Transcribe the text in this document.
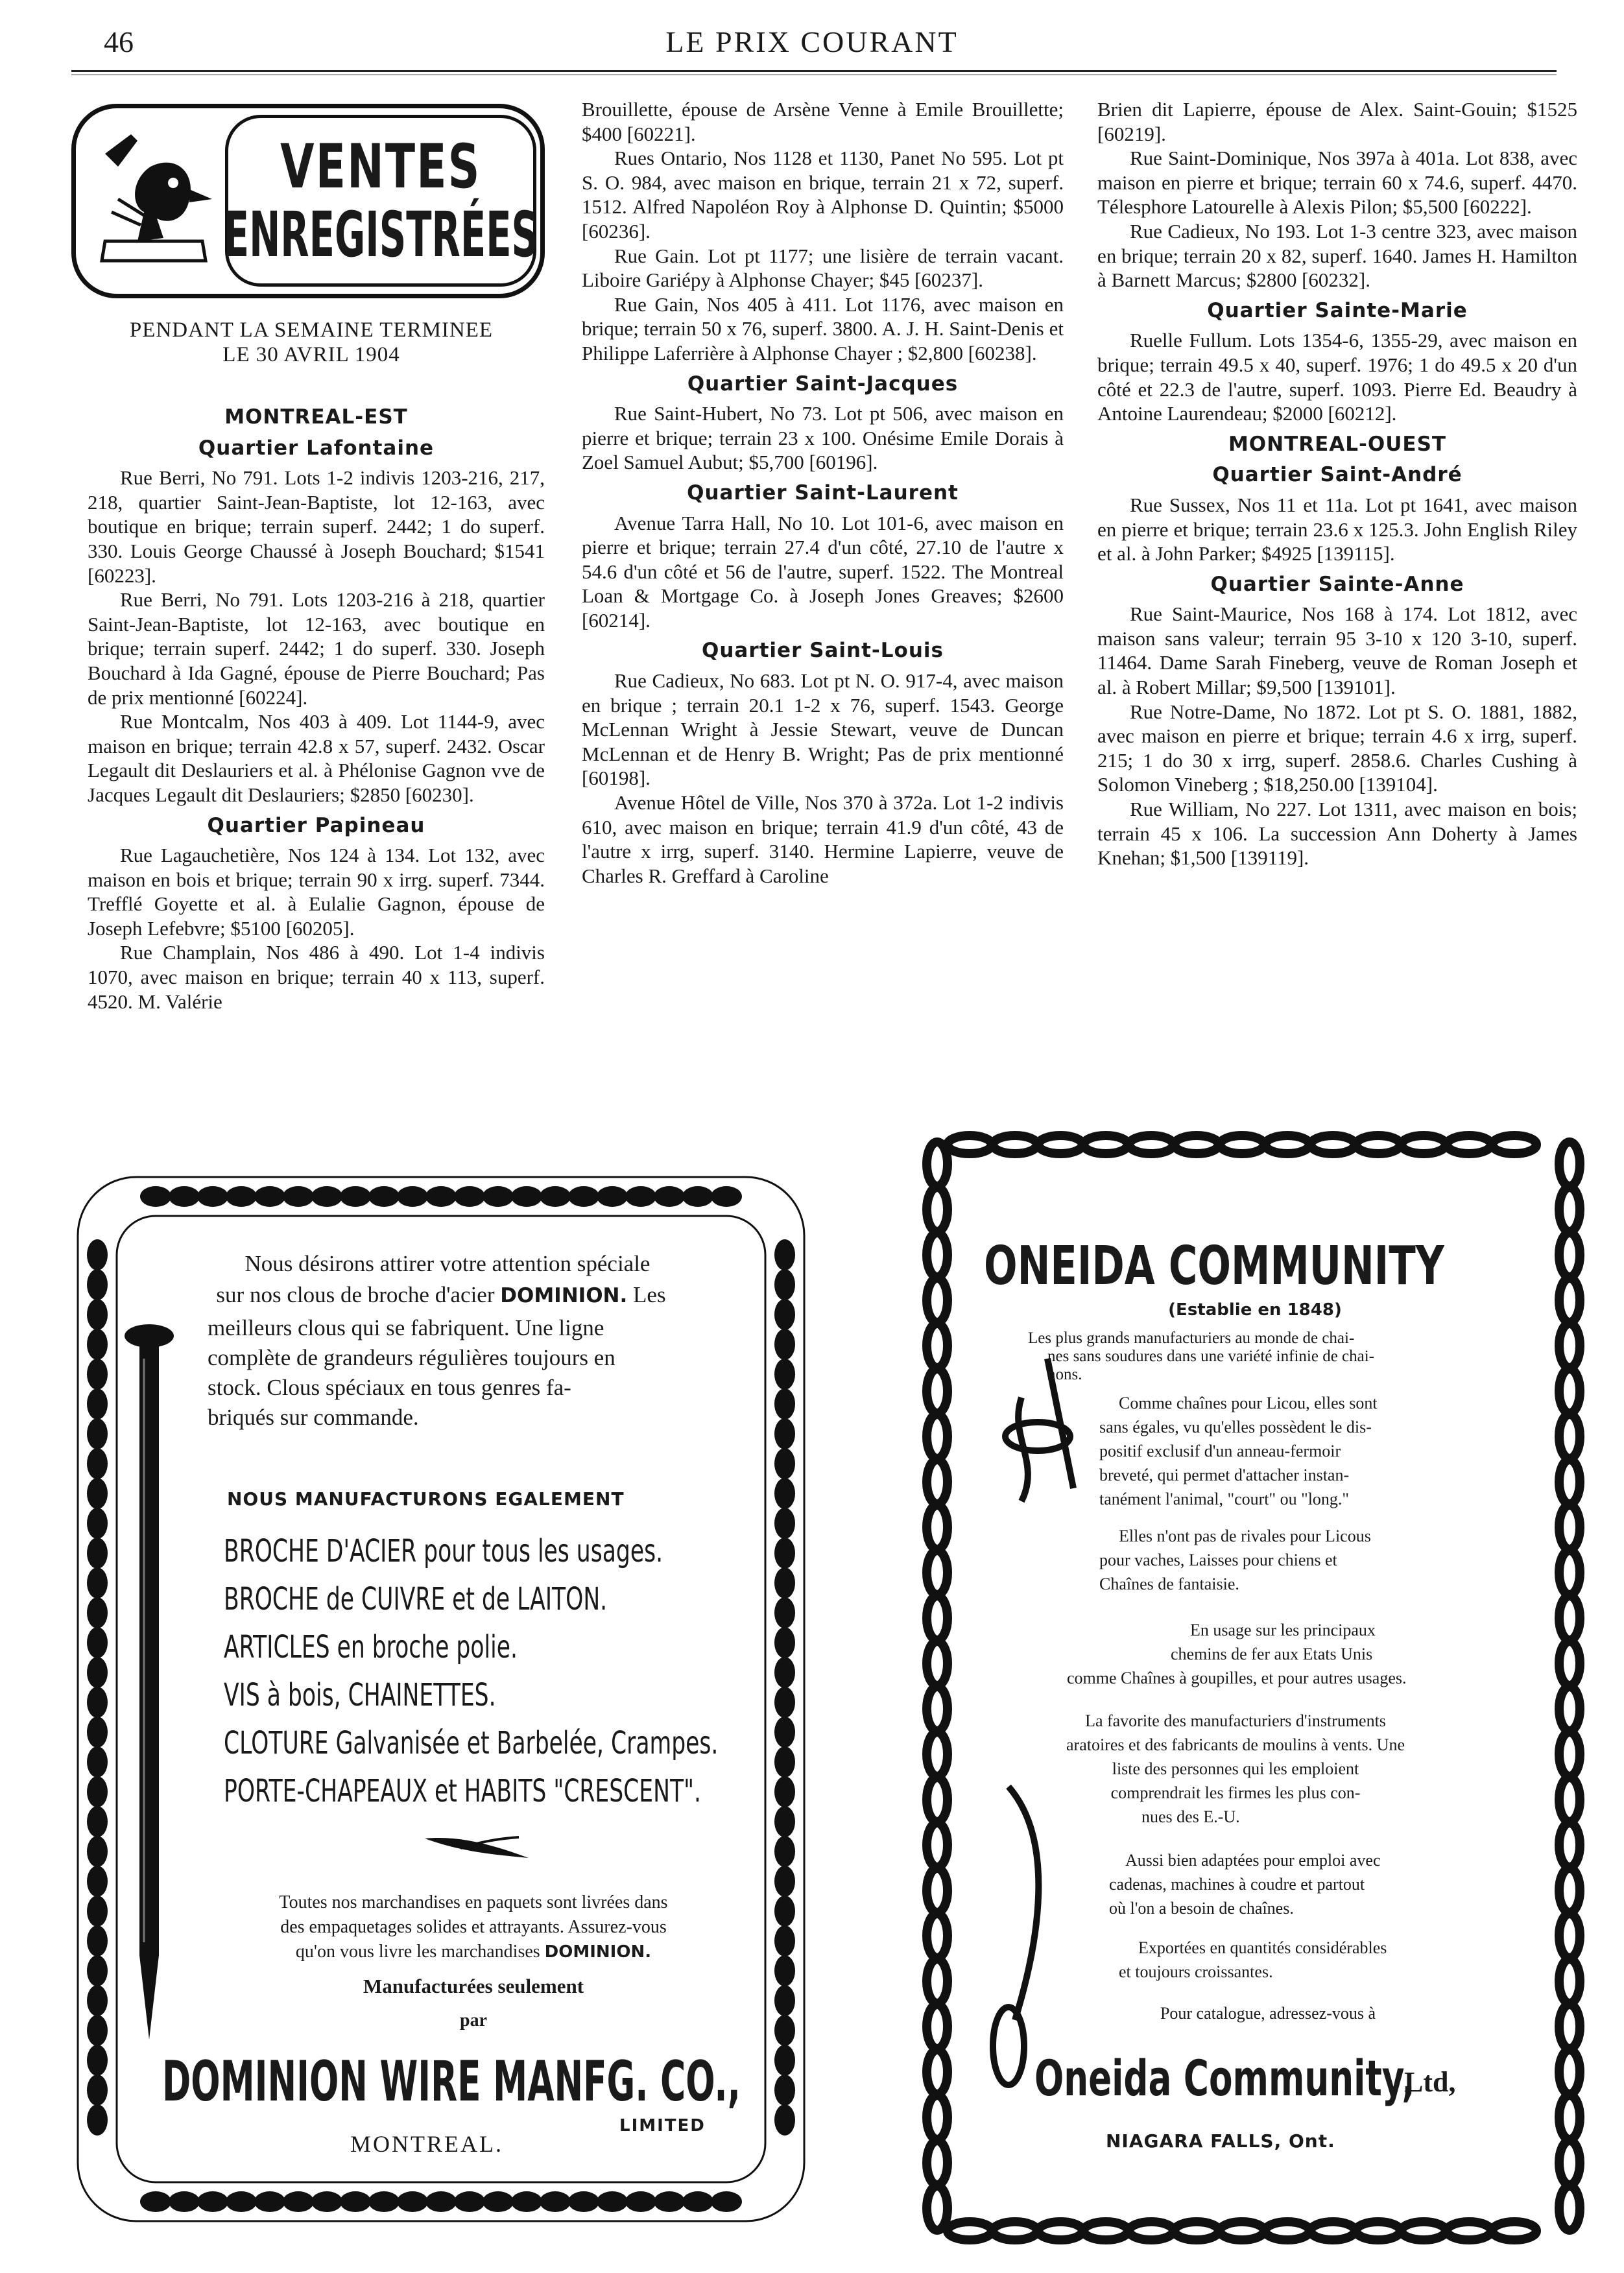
46	LE PRIX COURANT
VENTES
ENREGISTRÉES
PENDANT LA SEMAINE TERMINEE
LE 30 AVRIL 1904

MONTREAL-EST

Quartier Lafontaine

Rue Berri, No 791. Lots 1-2 indivis 1203-216, 217, 218, quartier Saint-Jean-Baptiste, lot 12-163, avec boutique en brique; terrain superf. 2442; 1 do superf. 330. Louis George Chaussé à Joseph Bouchard; $1541 [60223].

Rue Berri, No 791. Lots 1203-216 à 218, quartier Saint-Jean-Baptiste, lot 12-163, avec boutique en brique; terrain superf. 2442; 1 do superf. 330. Joseph Bouchard à Ida Gagné, épouse de Pierre Bouchard; Pas de prix mentionné [60224].

Rue Montcalm, Nos 403 à 409. Lot 1144-9, avec maison en brique; terrain 42.8 x 57, superf. 2432. Oscar Legault dit Deslauriers et al. à Phélonise Gagnon vve de Jacques Legault dit Deslauriers; $2850 [60230].

Quartier Papineau

Rue Lagauchetière, Nos 124 à 134. Lot 132, avec maison en bois et brique; terrain 90 x irrg. superf. 7344. Trefflé Goyette et al. à Eulalie Gagnon, épouse de Joseph Lefebvre; $5100 [60205].

Rue Champlain, Nos 486 à 490. Lot 1-4 indivis 1070, avec maison en brique; terrain 40 x 113, superf. 4520. M. Valérie

Brouillette, épouse de Arsène Venne à Emile Brouillette; $400 [60221].

Rues Ontario, Nos 1128 et 1130, Panet No 595. Lot pt S. O. 984, avec maison en brique, terrain 21 x 72, superf. 1512. Alfred Napoléon Roy à Alphonse D. Quintin; $5000 [60236].

Rue Gain. Lot pt 1177; une lisière de terrain vacant. Liboire Gariépy à Alphonse Chayer; $45 [60237].

Rue Gain, Nos 405 à 411. Lot 1176, avec maison en brique; terrain 50 x 76, superf. 3800. A. J. H. Saint-Denis et Philippe Laferrière à Alphonse Chayer ; $2,800 [60238].

Quartier Saint-Jacques

Rue Saint-Hubert, No 73. Lot pt 506, avec maison en pierre et brique; terrain 23 x 100. Onésime Emile Dorais à Zoel Samuel Aubut; $5,700 [60196].

Quartier Saint-Laurent

Avenue Tarra Hall, No 10. Lot 101-6, avec maison en pierre et brique; terrain 27.4 d'un côté, 27.10 de l'autre x 54.6 d'un côté et 56 de l'autre, superf. 1522. The Montreal Loan & Mortgage Co. à Joseph Jones Greaves; $2600 [60214].

Quartier Saint-Louis

Rue Cadieux, No 683. Lot pt N. O. 917-4, avec maison en brique ; terrain 20.1 1-2 x 76, superf. 1543. George McLennan Wright à Jessie Stewart, veuve de Duncan McLennan et de Henry B. Wright; Pas de prix mentionné [60198].

Avenue Hôtel de Ville, Nos 370 à 372a. Lot 1-2 indivis 610, avec maison en brique; terrain 41.9 d'un côté, 43 de l'autre x irrg, superf. 3140. Hermine Lapierre, veuve de Charles R. Greffard à Caroline

Brien dit Lapierre, épouse de Alex. Saint-Gouin; $1525 [60219].

Rue Saint-Dominique, Nos 397a à 401a. Lot 838, avec maison en pierre et brique; terrain 60 x 74.6, superf. 4470. Télesphore Latourelle à Alexis Pilon; $5,500 [60222].

Rue Cadieux, No 193. Lot 1-3 centre 323, avec maison en brique; terrain 20 x 82, superf. 1640. James H. Hamilton à Barnett Marcus; $2800 [60232].

Quartier Sainte-Marie

Ruelle Fullum. Lots 1354-6, 1355-29, avec maison en brique; terrain 49.5 x 40, superf. 1976; 1 do 49.5 x 20 d'un côté et 22.3 de l'autre, superf. 1093. Pierre Ed. Beaudry à Antoine Laurendeau; $2000 [60212].

MONTREAL-OUEST

Quartier Saint-André

Rue Sussex, Nos 11 et 11a. Lot pt 1641, avec maison en pierre et brique; terrain 23.6 x 125.3. John English Riley et al. à John Parker; $4925 [139115].

Quartier Sainte-Anne

Rue Saint-Maurice, Nos 168 à 174. Lot 1812, avec maison sans valeur; terrain 95 3-10 x 120 3-10, superf. 11464. Dame Sarah Fineberg, veuve de Roman Joseph et al. à Robert Millar; $9,500 [139101].

Rue Notre-Dame, No 1872. Lot pt S. O. 1881, 1882, avec maison en pierre et brique; terrain 4.6 x irrg, superf. 215; 1 do 30 x irrg, superf. 2858.6. Charles Cushing à Solomon Vineberg ; $18,250.00 [139104].

Rue William, No 227. Lot 1311, avec maison en bois; terrain 45 x 106. La succession Ann Doherty à James Knehan; $1,500 [139119].

Nous désirons attirer votre attention spéciale
sur nos clous de broche d'acier DOMINION. Les
meilleurs clous qui se fabriquent. Une ligne
complète de grandeurs régulières toujours en
stock. Clous spéciaux en tous genres fa-
briqués sur commande.
NOUS MANUFACTURONS EGALEMENT
BROCHE D'ACIER pour tous les usages.
BROCHE de CUIVRE et de LAITON.
ARTICLES en broche polie.
VIS à bois, CHAINETTES.
CLOTURE Galvanisée et Barbelée, Crampes.
PORTE-CHAPEAUX et HABITS "CRESCENT".
Toutes nos marchandises en paquets sont livrées dans
des empaquetages solides et attrayants. Assurez-vous
qu'on vous livre les marchandises DOMINION.
Manufacturées seulement
par
DOMINION WIRE MANFG. CO.,
LIMITED
MONTREAL.
ONEIDA COMMUNITY
(Establie en 1848)
Les plus grands manufacturiers au monde de chai-
nes sans soudures dans une variété infinie de chai-
nons.
Comme chaînes pour Licou, elles sont
sans égales, vu qu'elles possèdent le dis-
positif exclusif d'un anneau-fermoir
breveté, qui permet d'attacher instan-
tanément l'animal, "court" ou "long."
Elles n'ont pas de rivales pour Licous
pour vaches, Laisses pour chiens et
Chaînes de fantaisie.
En usage sur les principaux
chemins de fer aux Etats Unis
comme Chaînes à goupilles, et pour autres usages.
La favorite des manufacturiers d'instruments
aratoires et des fabricants de moulins à vents. Une
liste des personnes qui les emploient
comprendrait les firmes les plus con-
nues des E.-U.
Aussi bien adaptées pour emploi avec
cadenas, machines à coudre et partout
où l'on a besoin de chaînes.
Exportées en quantités considérables
et toujours croissantes.
Pour catalogue, adressez-vous à
Oneida Community,
Ltd,
NIAGARA FALLS, Ont.
